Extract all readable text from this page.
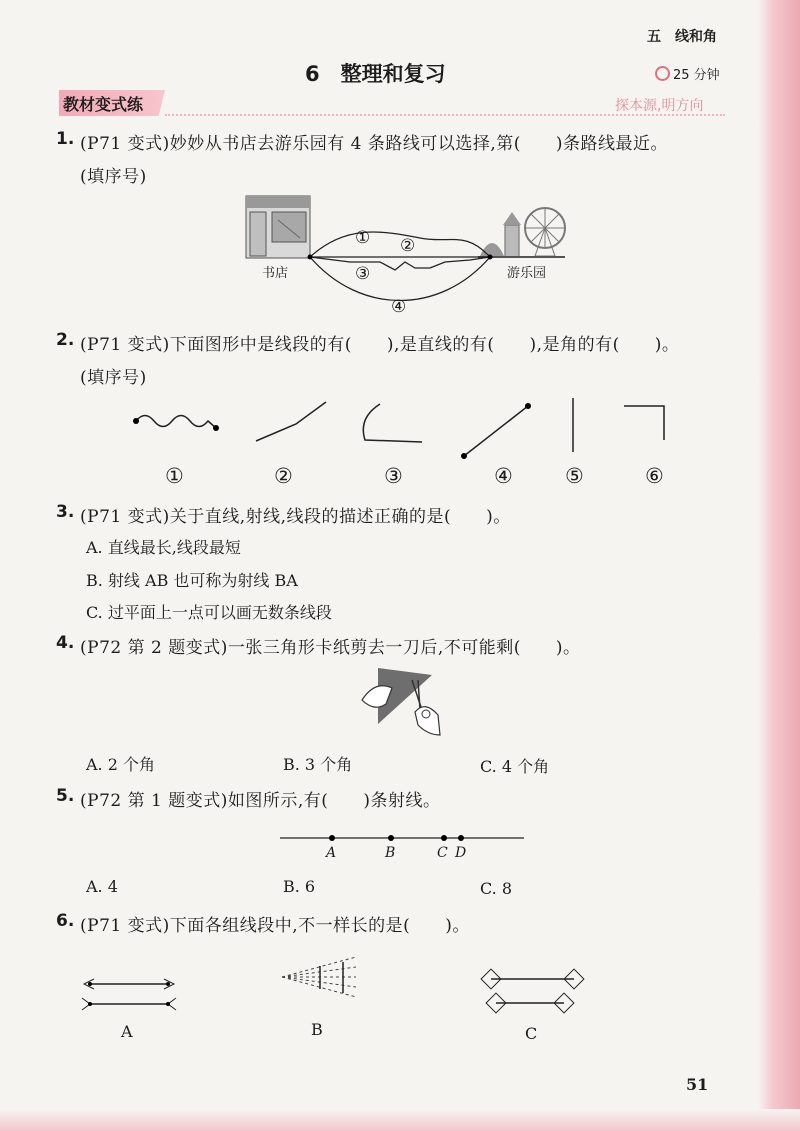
五　线和角
6　整理和复习	25 分钟
教材变式练	探本源,明方向
1. (P71 变式)妙妙从书店去游乐园有 4 条路线可以选择,第(　　)条路线最近。
(填序号)
书店	游乐园
① ②
③
④
2. (P71 变式)下面图形中是线段的有(　　),是直线的有(　　),是角的有(　　)。
(填序号)
①	②	③	④ ⑤	⑥
3. (P71 变式)关于直线,射线,线段的描述正确的是(　　)。
A. 直线最长,线段最短
B. 射线 AB 也可称为射线 BA
C. 过平面上一点可以画无数条线段
4. (P72 第 2 题变式)一张三角形卡纸剪去一刀后,不可能剩(　　)。
A. 2 个角	B. 3 个角	C. 4 个角
5. (P72 第 1 题变式)如图所示,有(　　)条射线。
A	B	C D
A. 4	B. 6	C. 8
6. (P71 变式)下面各组线段中,不一样长的是(　　)。
A	B	C
51
